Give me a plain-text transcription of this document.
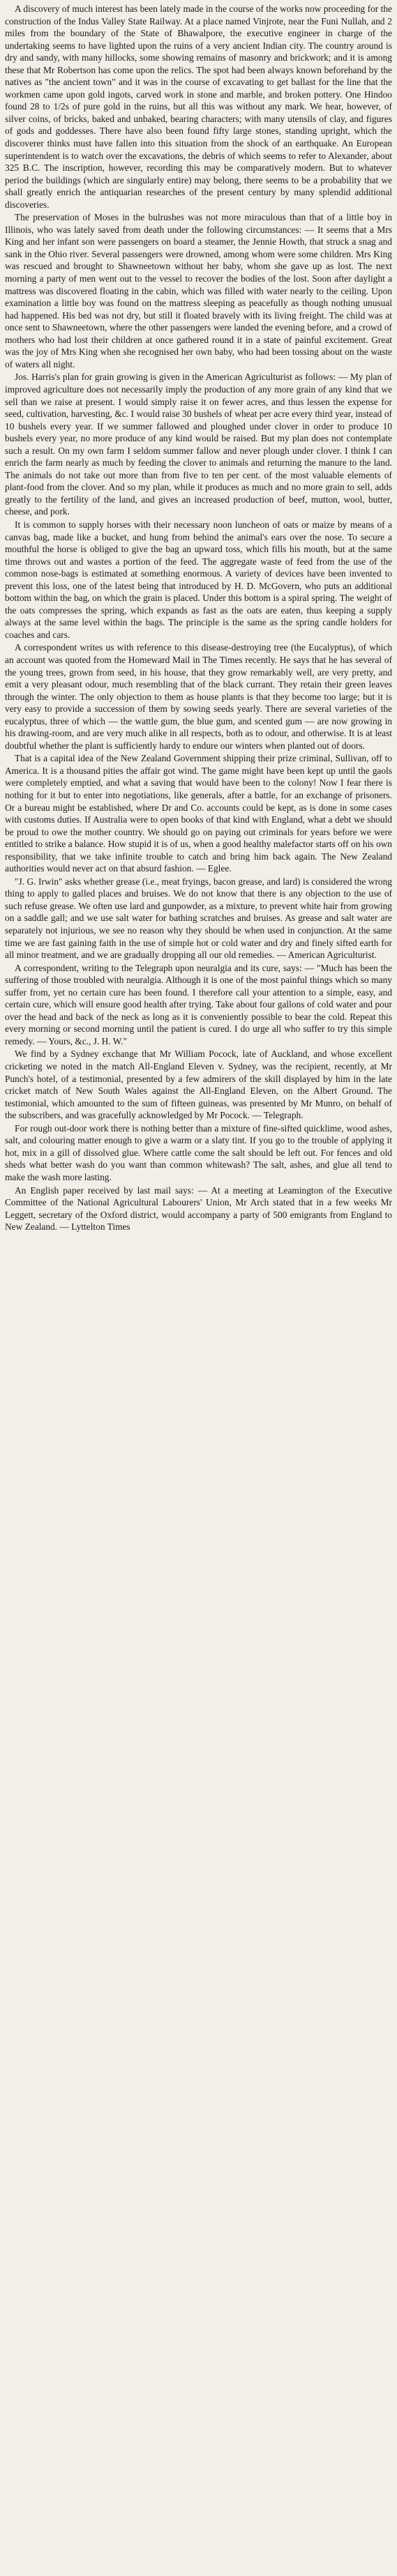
A discovery of much interest has been lately made in the course of the works now proceeding for the construction of the Indus Valley State Railway. At a place named Vinjrote, near the Funi Nullah, and 2 miles from the boundary of the State of Bhawalpore, the executive engineer in charge of the undertaking seems to have lighted upon the ruins of a very ancient Indian city. The country around is dry and sandy, with many hillocks, some showing remains of masonry and brickwork; and it is among these that Mr Robertson has come upon the relics. The spot had been always known beforehand by the natives as "the ancient town" and it was in the course of excavating to get ballast for the line that the workmen came upon gold ingots, carved work in stone and marble, and broken pottery. One Hindoo found 28 to 1/2s of pure gold in the ruins, but all this was without any mark. We hear, however, of silver coins, of bricks, baked and unbaked, bearing characters; with many utensils of clay, and figures of gods and goddesses. There have also been found fifty large stones, standing upright, which the discoverer thinks must have fallen into this situation from the shock of an earthquake. An European superintendent is to watch over the excavations, the debris of which seems to refer to Alexander, about 325 B.C. The inscription, however, recording this may be comparatively modern. But to whatever period the buildings (which are singularly entire) may belong, there seems to be a probability that we shall greatly enrich the antiquarian researches of the present century by many splendid additional discoveries.

The preservation of Moses in the bulrushes was not more miraculous than that of a little boy in Illinois, who was lately saved from death under the following circumstances: — It seems that a Mrs King and her infant son were passengers on board a steamer, the Jennie Howth, that struck a snag and sank in the Ohio river. Several passengers were drowned, among whom were some children. Mrs King was rescued and brought to Shawneetown without her baby, whom she gave up as lost. The next morning a party of men went out to the vessel to recover the bodies of the lost. Soon after daylight a mattress was discovered floating in the cabin, which was filled with water nearly to the ceiling. Upon examination a little boy was found on the mattress sleeping as peacefully as though nothing unusual had happened. His bed was not dry, but still it floated bravely with its living freight. The child was at once sent to Shawneetown, where the other passengers were landed the evening before, and a crowd of mothers who had lost their children at once gathered round it in a state of painful excitement. Great was the joy of Mrs King when she recognised her own baby, who had been tossing about on the waste of waters all night.

Jos. Harris's plan for grain growing is given in the American Agriculturist as follows: — My plan of improved agriculture does not necessarily imply the production of any more grain of any kind that we sell than we raise at present. I would simply raise it on fewer acres, and thus lessen the expense for seed, cultivation, harvesting, &c. I would raise 30 bushels of wheat per acre every third year, instead of 10 bushels every year. If we summer fallowed and ploughed under clover in order to produce 10 bushels every year, no more produce of any kind would be raised. But my plan does not contemplate such a result. On my own farm I seldom summer fallow and never plough under clover. I think I can enrich the farm nearly as much by feeding the clover to animals and returning the manure to the land. The animals do not take out more than from five to ten per cent. of the most valuable elements of plant-food from the clover. And so my plan, while it produces as much and no more grain to sell, adds greatly to the fertility of the land, and gives an increased production of beef, mutton, wool, butter, cheese, and pork.

It is common to supply horses with their necessary noon luncheon of oats or maize by means of a canvas bag, made like a bucket, and hung from behind the animal's ears over the nose. To secure a mouthful the horse is obliged to give the bag an upward toss, which fills his mouth, but at the same time throws out and wastes a portion of the feed. The aggregate waste of feed from the use of the common nose-bags is estimated at something enormous. A variety of devices have been invented to prevent this loss, one of the latest being that introduced by H. D. McGovern, who puts an additional bottom within the bag, on which the grain is placed. Under this bottom is a spiral spring. The weight of the oats compresses the spring, which expands as fast as the oats are eaten, thus keeping a supply always at the same level within the bags. The principle is the same as the spring candle holders for coaches and cars.

A correspondent writes us with reference to this disease-destroying tree (the Eucalyptus), of which an account was quoted from the Homeward Mail in The Times recently. He says that he has several of the young trees, grown from seed, in his house, that they grow remarkably well, are very pretty, and emit a very pleasant odour, much resembling that of the black currant. They retain their green leaves through the winter. The only objection to them as house plants is that they become too large; but it is very easy to provide a succession of them by sowing seeds yearly. There are several varieties of the eucalyptus, three of which — the wattle gum, the blue gum, and scented gum — are now growing in his drawing-room, and are very much alike in all respects, both as to odour, and otherwise. It is at least doubtful whether the plant is sufficiently hardy to endure our winters when planted out of doors.

That is a capital idea of the New Zealand Government shipping their prize criminal, Sullivan, off to America. It is a thousand pities the affair got wind. The game might have been kept up until the gaols were completely emptied, and what a saving that would have been to the colony! Now I fear there is nothing for it but to enter into negotiations, like generals, after a battle, for an exchange of prisoners. Or a bureau might be established, where Dr and Co. accounts could be kept, as is done in some cases with customs duties. If Australia were to open books of that kind with England, what a debt we should be proud to owe the mother country. We should go on paying out criminals for years before we were entitled to strike a balance. How stupid it is of us, when a good healthy malefactor starts off on his own responsibility, that we take infinite trouble to catch and bring him back again. The New Zealand authorities would never act on that absurd fashion. — Eglee.

"J. G. Irwin" asks whether grease (i.e., meat fryings, bacon grease, and lard) is considered the wrong thing to apply to galled places and bruises. We do not know that there is any objection to the use of such refuse grease. We often use lard and gunpowder, as a mixture, to prevent white hair from growing on a saddle gall; and we use salt water for bathing scratches and bruises. As grease and salt water are separately not injurious, we see no reason why they should be when used in conjunction. At the same time we are fast gaining faith in the use of simple hot or cold water and dry and finely sifted earth for all minor treatment, and we are gradually dropping all our old remedies. — American Agriculturist.

A correspondent, writing to the Telegraph upon neuralgia and its cure, says: — "Much has been the suffering of those troubled with neuralgia. Although it is one of the most painful things which so many suffer from, yet no certain cure has been found. I therefore call your attention to a simple, easy, and certain cure, which will ensure good health after trying. Take about four gallons of cold water and pour over the head and back of the neck as long as it is conveniently possible to bear the cold. Repeat this every morning or second morning until the patient is cured. I do urge all who suffer to try this simple remedy. — Yours, &c., J. H. W."

We find by a Sydney exchange that Mr William Pocock, late of Auckland, and whose excellent cricketing we noted in the match All-England Eleven v. Sydney, was the recipient, recently, at Mr Punch's hotel, of a testimonial, presented by a few admirers of the skill displayed by him in the late cricket match of New South Wales against the All-England Eleven, on the Albert Ground. The testimonial, which amounted to the sum of fifteen guineas, was presented by Mr Munro, on behalf of the subscribers, and was gracefully acknowledged by Mr Pocock. — Telegraph.

For rough out-door work there is nothing better than a mixture of fine-sifted quicklime, wood ashes, salt, and colouring matter enough to give a warm or a slaty tint. If you go to the trouble of applying it hot, mix in a gill of dissolved glue. Where cattle come the salt should be left out. For fences and old sheds what better wash do you want than common whitewash? The salt, ashes, and glue all tend to make the wash more lasting.

An English paper received by last mail says: — At a meeting at Leamington of the Executive Committee of the National Agricultural Labourers' Union, Mr Arch stated that in a few weeks Mr Leggett, secretary of the Oxford district, would accompany a party of 500 emigrants from England to New Zealand. — Lyttelton Times
